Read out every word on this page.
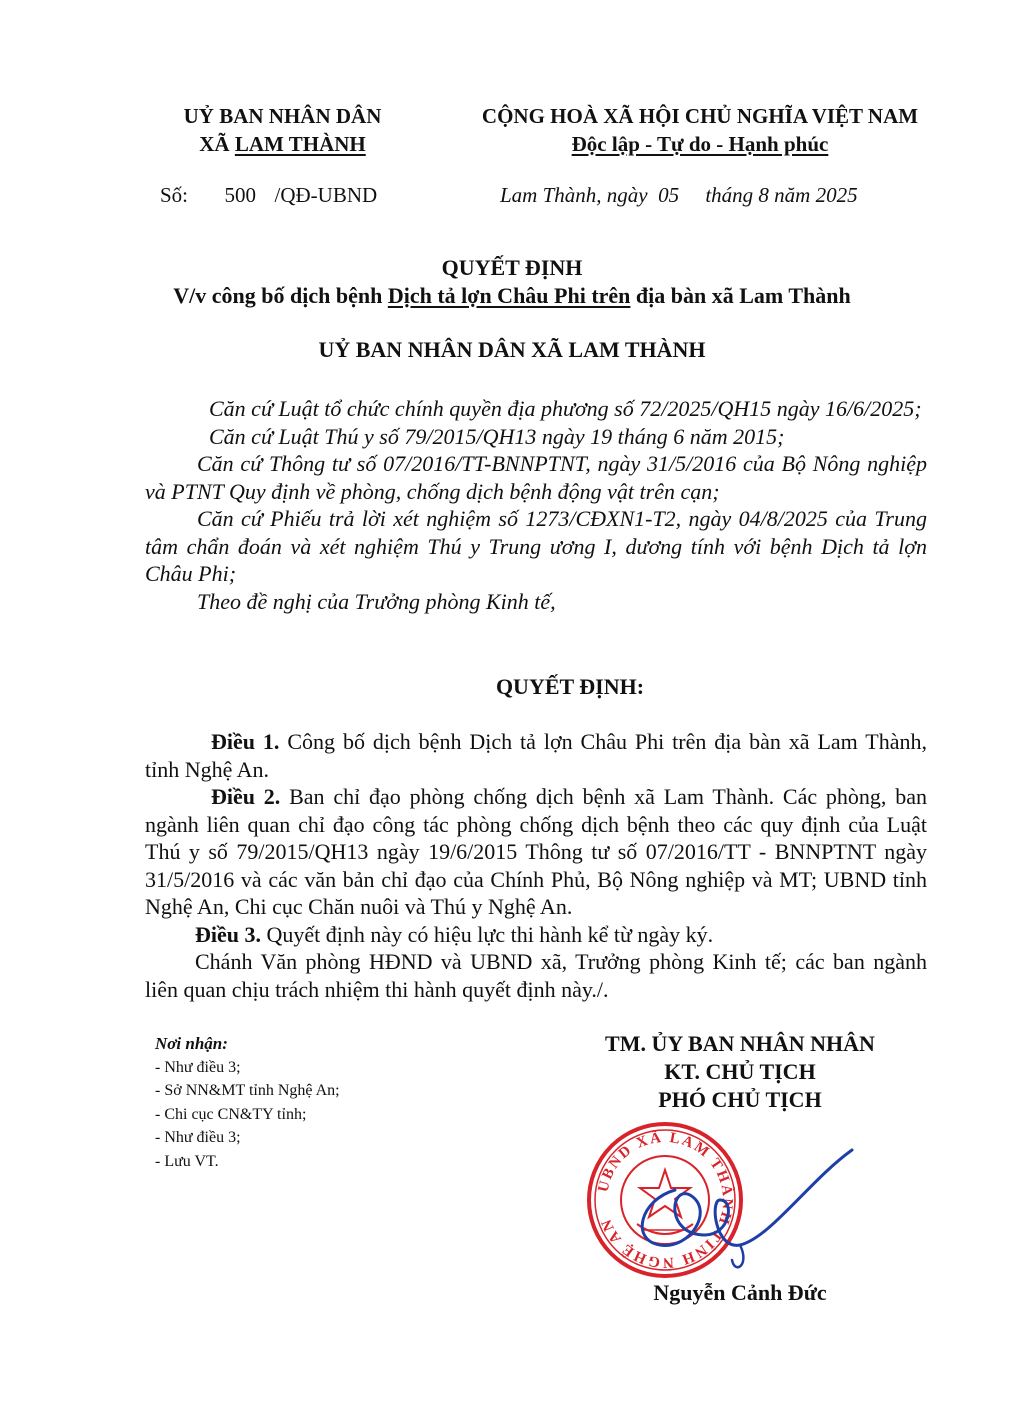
UỶ BAN NHÂN DÂN
XÃ LAM THÀNH
CỘNG HOÀ XÃ HỘI CHỦ NGHĨA VIỆT NAM
Độc lập - Tự do - Hạnh phúc
Số: 500 /QĐ-UBND	Lam Thành, ngày  05     tháng 8 năm 2025
QUYẾT ĐỊNH
V/v công bố dịch bệnh Dịch tả lợn Châu Phi trên địa bàn xã Lam Thành
UỶ BAN NHÂN DÂN XÃ LAM THÀNH

Căn cứ Luật tổ chức chính quyền địa phương số 72/2025/QH15 ngày 16/6/2025;

Căn cứ Luật Thú y số 79/2015/QH13 ngày 19 tháng 6 năm 2015;

Căn cứ Thông tư số 07/2016/TT-BNNPTNT, ngày 31/5/2016 của Bộ Nông nghiệp và PTNT Quy định về phòng, chống dịch bệnh động vật trên cạn;

Căn cứ Phiếu trả lời xét nghiệm số 1273/CĐXN1-T2, ngày 04/8/2025 của Trung tâm chẩn đoán và xét nghiệm Thú y Trung ương I, dương tính với bệnh Dịch tả lợn Châu Phi;

Theo đề nghị của Trưởng phòng Kinh tế,

QUYẾT ĐỊNH:

Điều 1. Công bố dịch bệnh Dịch tả lợn Châu Phi trên địa bàn xã Lam Thành, tỉnh Nghệ An.

Điều 2. Ban chỉ đạo phòng chống dịch bệnh xã Lam Thành. Các phòng, ban ngành liên quan chỉ đạo công tác phòng chống dịch bệnh theo các quy định của Luật Thú y số 79/2015/QH13 ngày 19/6/2015 Thông tư số 07/2016/TT - BNNPTNT ngày 31/5/2016 và các văn bản chỉ đạo của Chính Phủ, Bộ Nông nghiệp và MT; UBND tỉnh Nghệ An, Chi cục Chăn nuôi và Thú y Nghệ An.

Điều 3. Quyết định này có hiệu lực thi hành kể từ ngày ký.

Chánh Văn phòng HĐND và UBND xã, Trưởng phòng Kinh tế; các ban ngành liên quan chịu trách nhiệm thi hành quyết định này./.

Nơi nhận:
- Như điều 3;
- Sở NN&MT tỉnh Nghệ An;
- Chi cục CN&TY tỉnh;
- Như điều 3;
- Lưu VT.
TM. ỦY BAN NHÂN NHÂN
KT. CHỦ TỊCH
PHÓ CHỦ TỊCH
UBND XÃ LAM THÀNH TỈNH NGHỆ AN
Nguyễn Cảnh Đức
